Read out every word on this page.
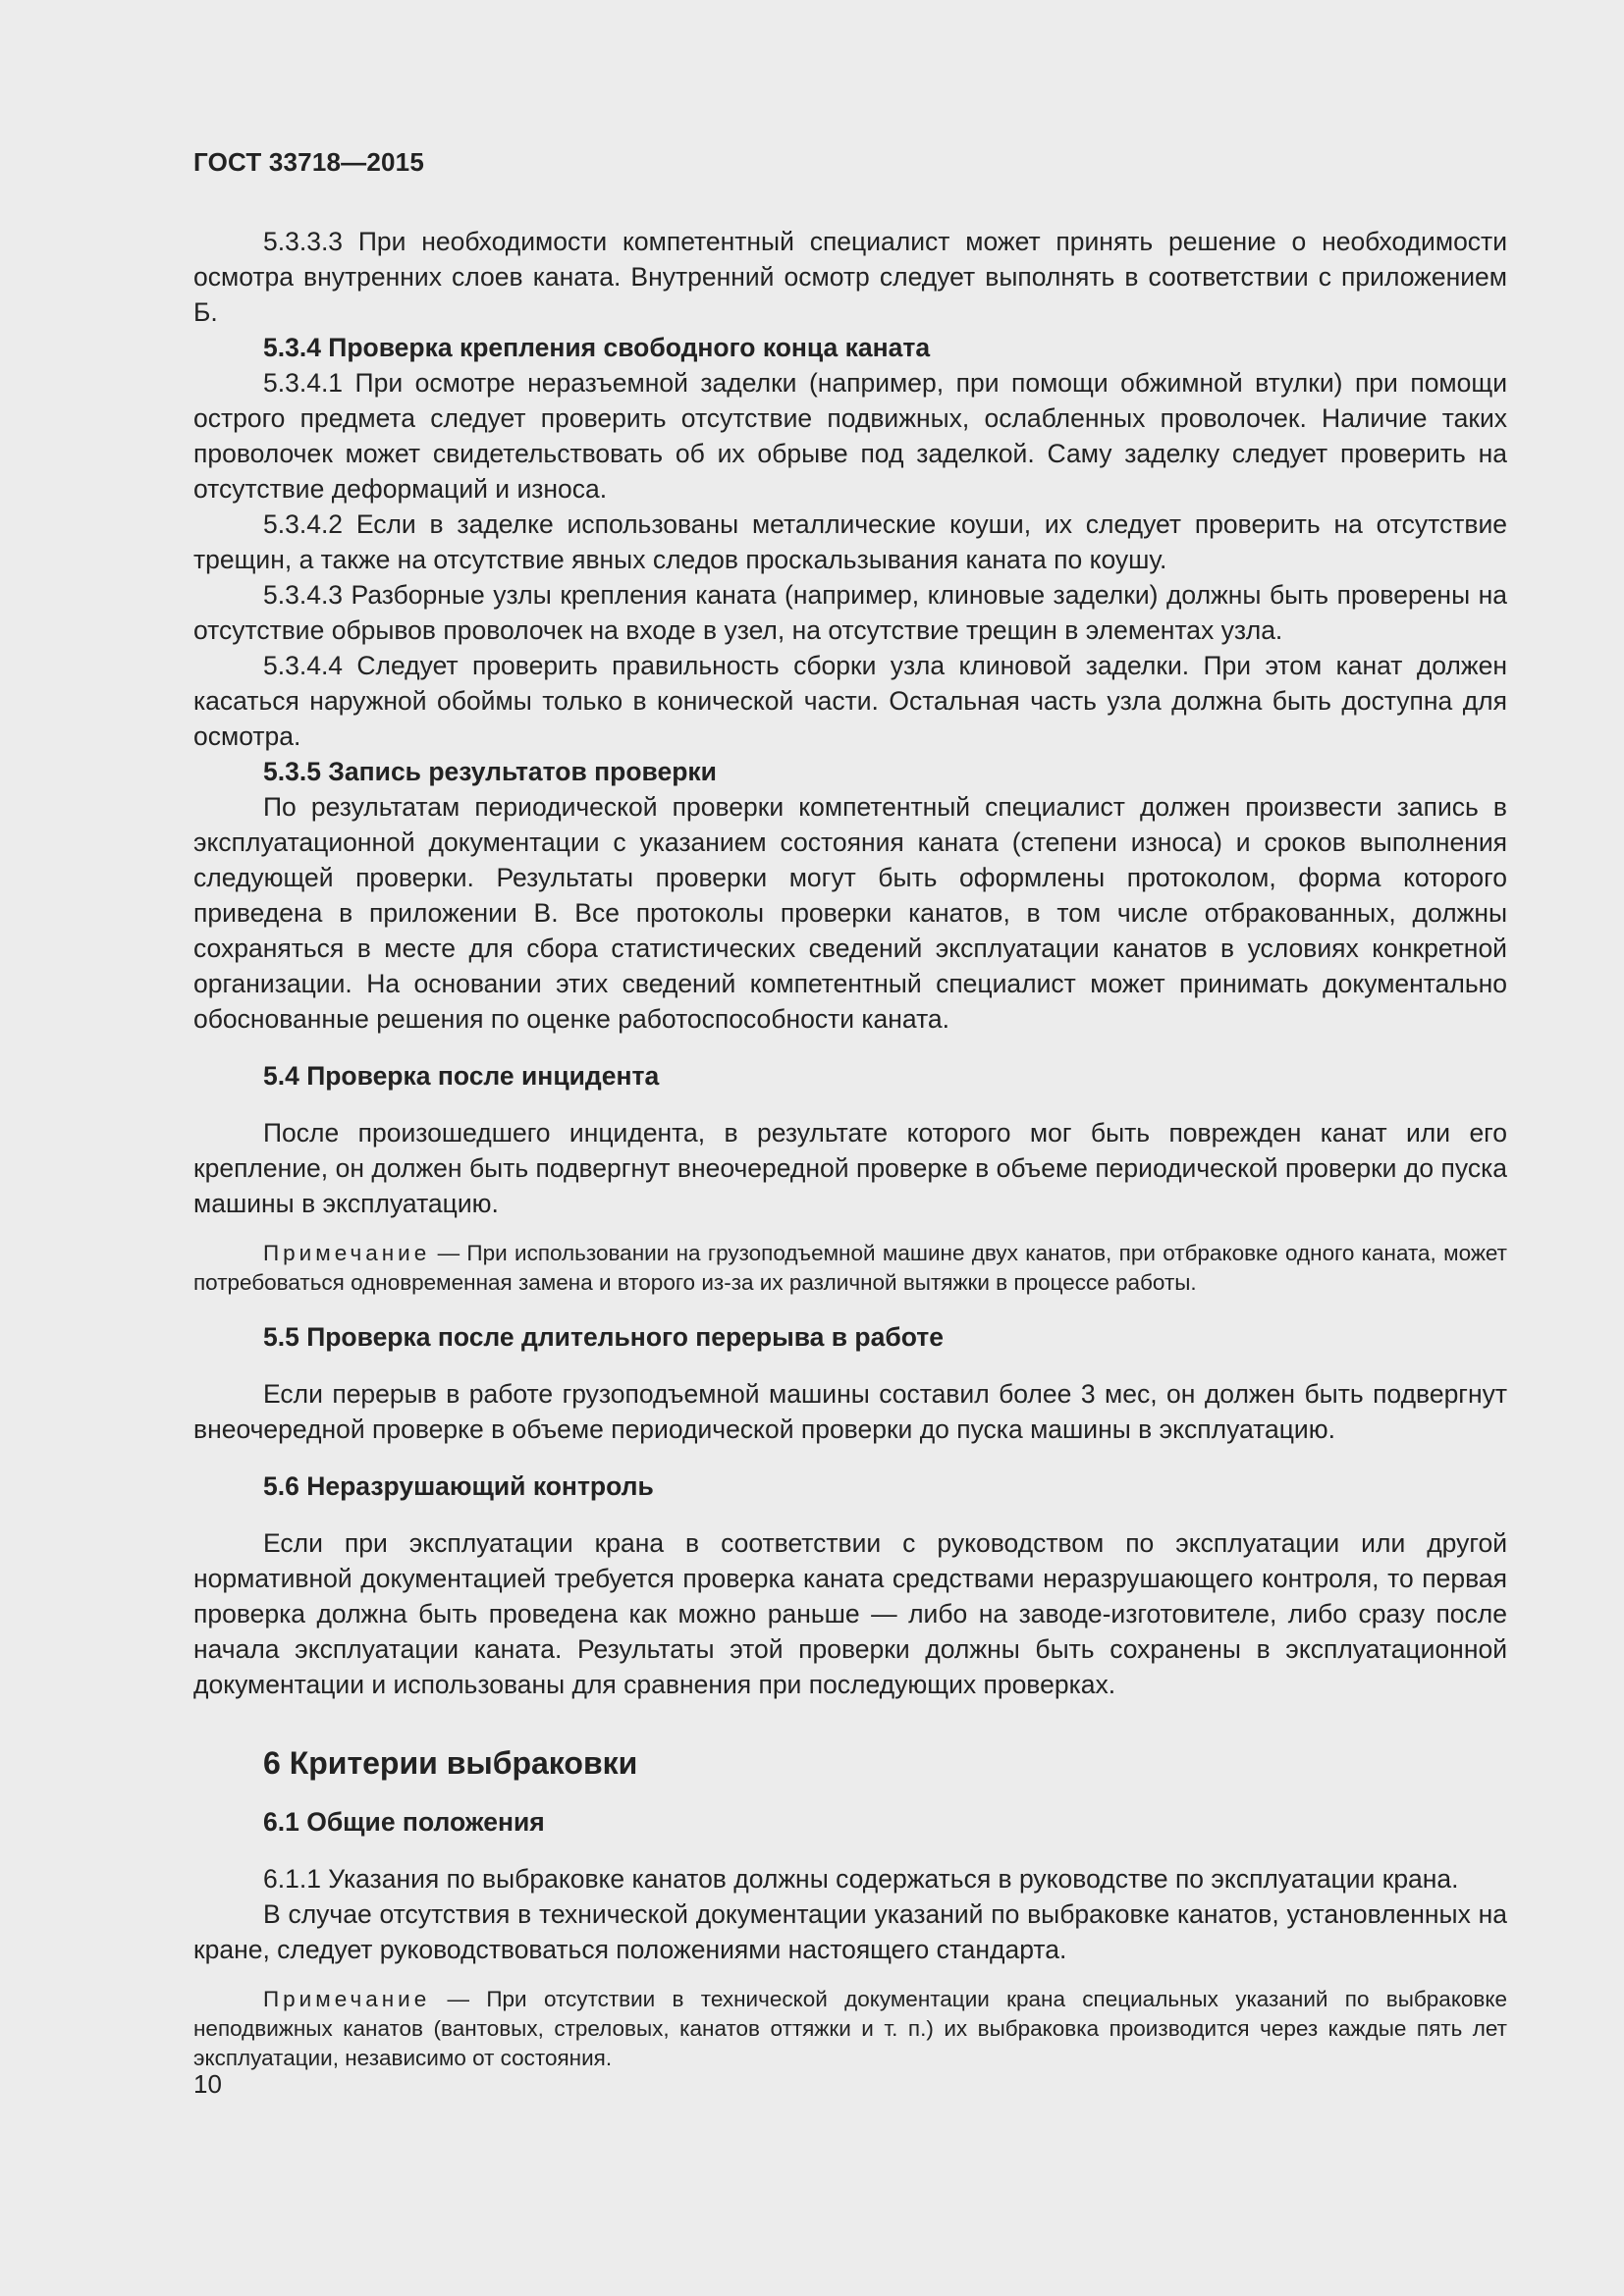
ГОСТ 33718—2015

5.3.3.3 При необходимости компетентный специалист может принять решение о необходимости осмотра внутренних слоев каната. Внутренний осмотр следует выполнять в соответствии с приложением Б.

5.3.4 Проверка крепления свободного конца каната

5.3.4.1 При осмотре неразъемной заделки (например, при помощи обжимной втулки) при помощи острого предмета следует проверить отсутствие подвижных, ослабленных проволочек. Наличие таких проволочек может свидетельствовать об их обрыве под заделкой. Саму заделку следует проверить на отсутствие деформаций и износа.

5.3.4.2 Если в заделке использованы металлические коуши, их следует проверить на отсутствие трещин, а также на отсутствие явных следов проскальзывания каната по коушу.

5.3.4.3 Разборные узлы крепления каната (например, клиновые заделки) должны быть проверены на отсутствие обрывов проволочек на входе в узел, на отсутствие трещин в элементах узла.

5.3.4.4 Следует проверить правильность сборки узла клиновой заделки. При этом канат должен касаться наружной обоймы только в конической части. Остальная часть узла должна быть доступна для осмотра.

5.3.5 Запись результатов проверки

По результатам периодической проверки компетентный специалист должен произвести запись в эксплуатационной документации с указанием состояния каната (степени износа) и сроков выполнения следующей проверки. Результаты проверки могут быть оформлены протоколом, форма которого приведена в приложении В. Все протоколы проверки канатов, в том числе отбракованных, должны сохраняться в месте для сбора статистических сведений эксплуатации канатов в условиях конкретной организации. На основании этих сведений компетентный специалист может принимать документально обоснованные решения по оценке работоспособности каната.

5.4 Проверка после инцидента

После произошедшего инцидента, в результате которого мог быть поврежден канат или его крепление, он должен быть подвергнут внеочередной проверке в объеме периодической проверки до пуска машины в эксплуатацию.

Примечание — При использовании на грузоподъемной машине двух канатов, при отбраковке одного каната, может потребоваться одновременная замена и второго из-за их различной вытяжки в процессе работы.

5.5 Проверка после длительного перерыва в работе

Если перерыв в работе грузоподъемной машины составил более 3 мес, он должен быть подвергнут внеочередной проверке в объеме периодической проверки до пуска машины в эксплуатацию.

5.6 Неразрушающий контроль

Если при эксплуатации крана в соответствии с руководством по эксплуатации или другой нормативной документацией требуется проверка каната средствами неразрушающего контроля, то первая проверка должна быть проведена как можно раньше — либо на заводе-изготовителе, либо сразу после начала эксплуатации каната. Результаты этой проверки должны быть сохранены в эксплуатационной документации и использованы для сравнения при последующих проверках.

6 Критерии выбраковки

6.1 Общие положения

6.1.1 Указания по выбраковке канатов должны содержаться в руководстве по эксплуатации крана.

В случае отсутствия в технической документации указаний по выбраковке канатов, установленных на кране, следует руководствоваться положениями настоящего стандарта.

Примечание — При отсутствии в технической документации крана специальных указаний по выбраковке неподвижных канатов (вантовых, стреловых, канатов оттяжки и т. п.) их выбраковка производится через каждые пять лет эксплуатации, независимо от состояния.

10
